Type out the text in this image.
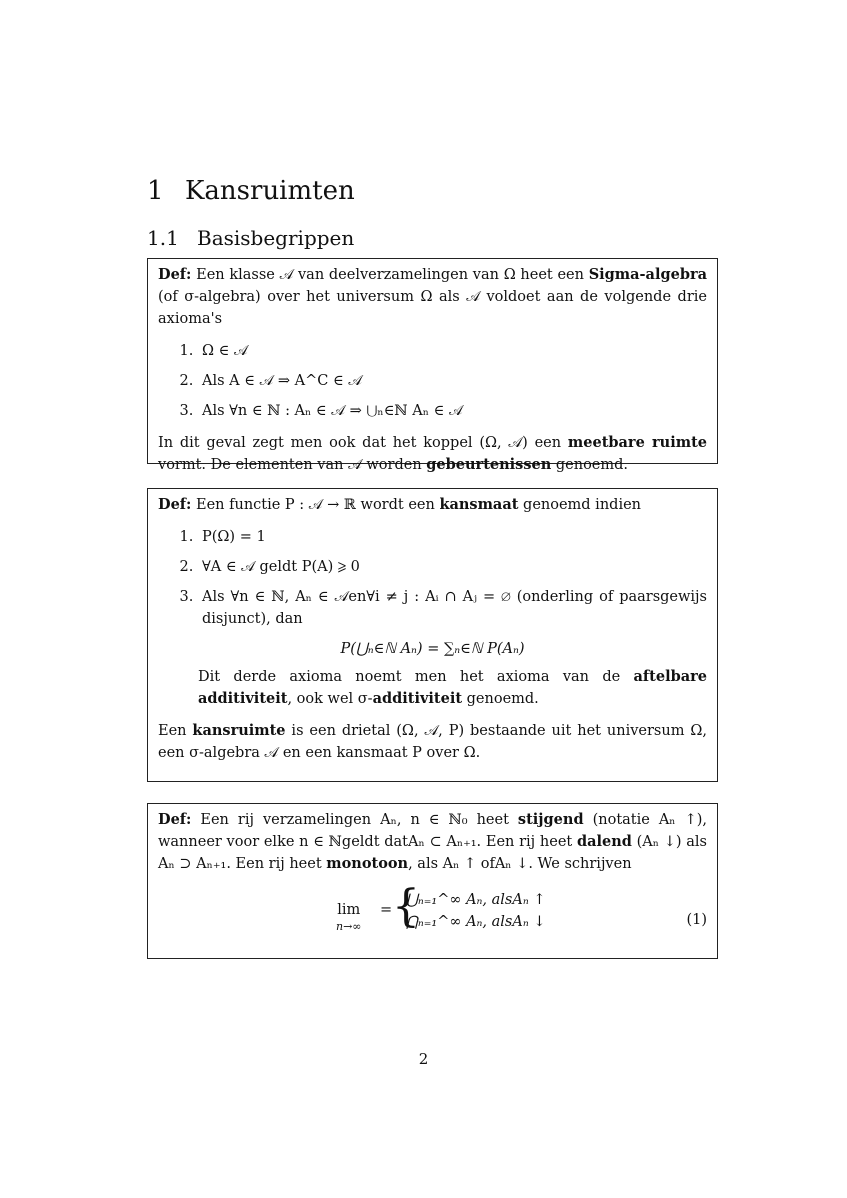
1 Kansruimten
1.1 Basisbegrippen

Def: Een klasse 𝒜 van deelverzamelingen van Ω heet een Sigma-algebra (of σ-algebra) over het universum Ω als 𝒜 voldoet aan de volgende drie axioma's

1. Ω ∈ 𝒜
2. Als A ∈ 𝒜 ⇒ A^C ∈ 𝒜
3. Als ∀n ∈ ℕ : Aₙ ∈ 𝒜 ⇒ ⋃ₙ∈ℕ Aₙ ∈ 𝒜

In dit geval zegt men ook dat het koppel (Ω, 𝒜) een meetbare ruimte vormt. De elementen van 𝒜 worden gebeurtenissen genoemd.

Def: Een functie P : 𝒜 → ℝ wordt een kansmaat genoemd indien

1. P(Ω) = 1
2. ∀A ∈ 𝒜 geldt P(A) ⩾ 0
3. Als ∀n ∈ ℕ, Aₙ ∈ 𝒜en∀i ≠ j : Aᵢ ∩ Aⱼ = ∅ (onderling of paarsgewijs disjunct), dan
P(⋃ₙ∈ℕ Aₙ) = ∑ₙ∈ℕ P(Aₙ)

Dit derde axioma noemt men het axioma van de aftelbare additiviteit, ook wel σ-additiviteit genoemd.

Een kansruimte is een drietal (Ω, 𝒜, P) bestaande uit het universum Ω, een σ-algebra 𝒜 en een kansmaat P over Ω.

Def: Een rij verzamelingen Aₙ, n ∈ ℕ₀ heet stijgend (notatie Aₙ ↑), wanneer voor elke n ∈ ℕgeldt datAₙ ⊂ Aₙ₊₁. Een rij heet dalend (Aₙ ↓) als Aₙ ⊃ Aₙ₊₁. Een rij heet monotoon, als Aₙ ↑ ofAₙ ↓. We schrijven

lim
n→∞
= {
⋃ₙ₌₁^∞ Aₙ, alsAₙ ↑
⋂ₙ₌₁^∞ Aₙ, alsAₙ ↓	(1)
2
